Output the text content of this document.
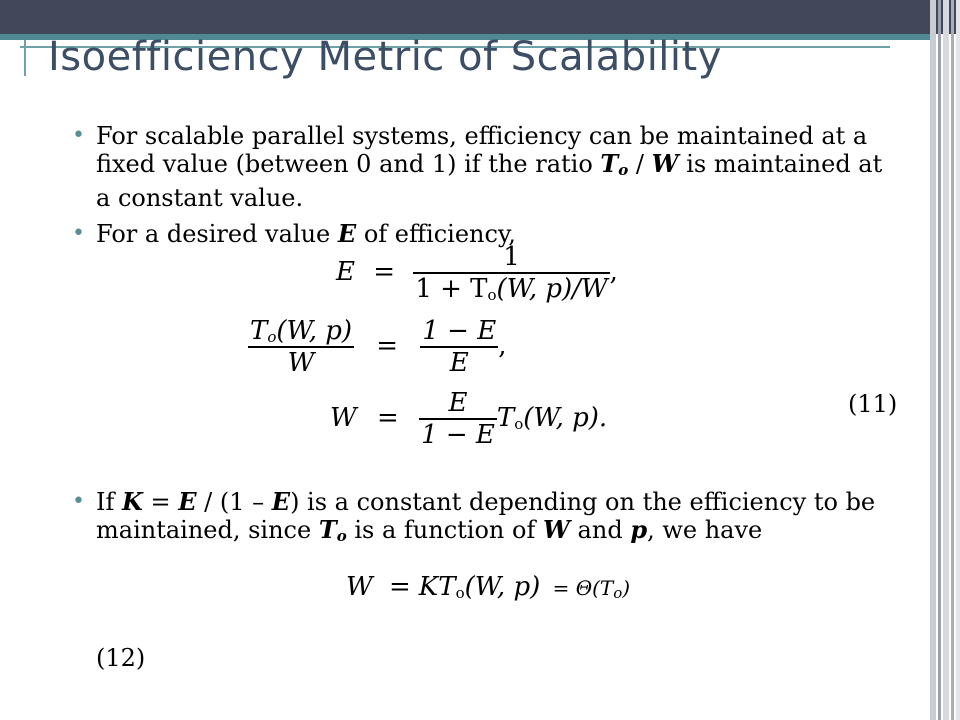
Isoefficiency Metric of Scalability
• For scalable parallel systems, efficiency can be maintained at a fixed value (between 0 and 1) if the ratio $T_o$ / W is maintained at a constant value.
• For a desired value E of efficiency,
$E = \frac{1}{1 + T_o(W, p)/W}$ ,
$\frac{T_o(W, p)}{W} = \frac{1 - E}{E}$ ,
$W = \frac{E}{1 - E} T_o(W$, p).	(11)
• If K = E / (1 – E) is a constant depending on the efficiency to be maintained, since $T_o$ is a function of W and p, we have
$W = KT_o(W$, $p) = \Theta(T_o)$
(12)
